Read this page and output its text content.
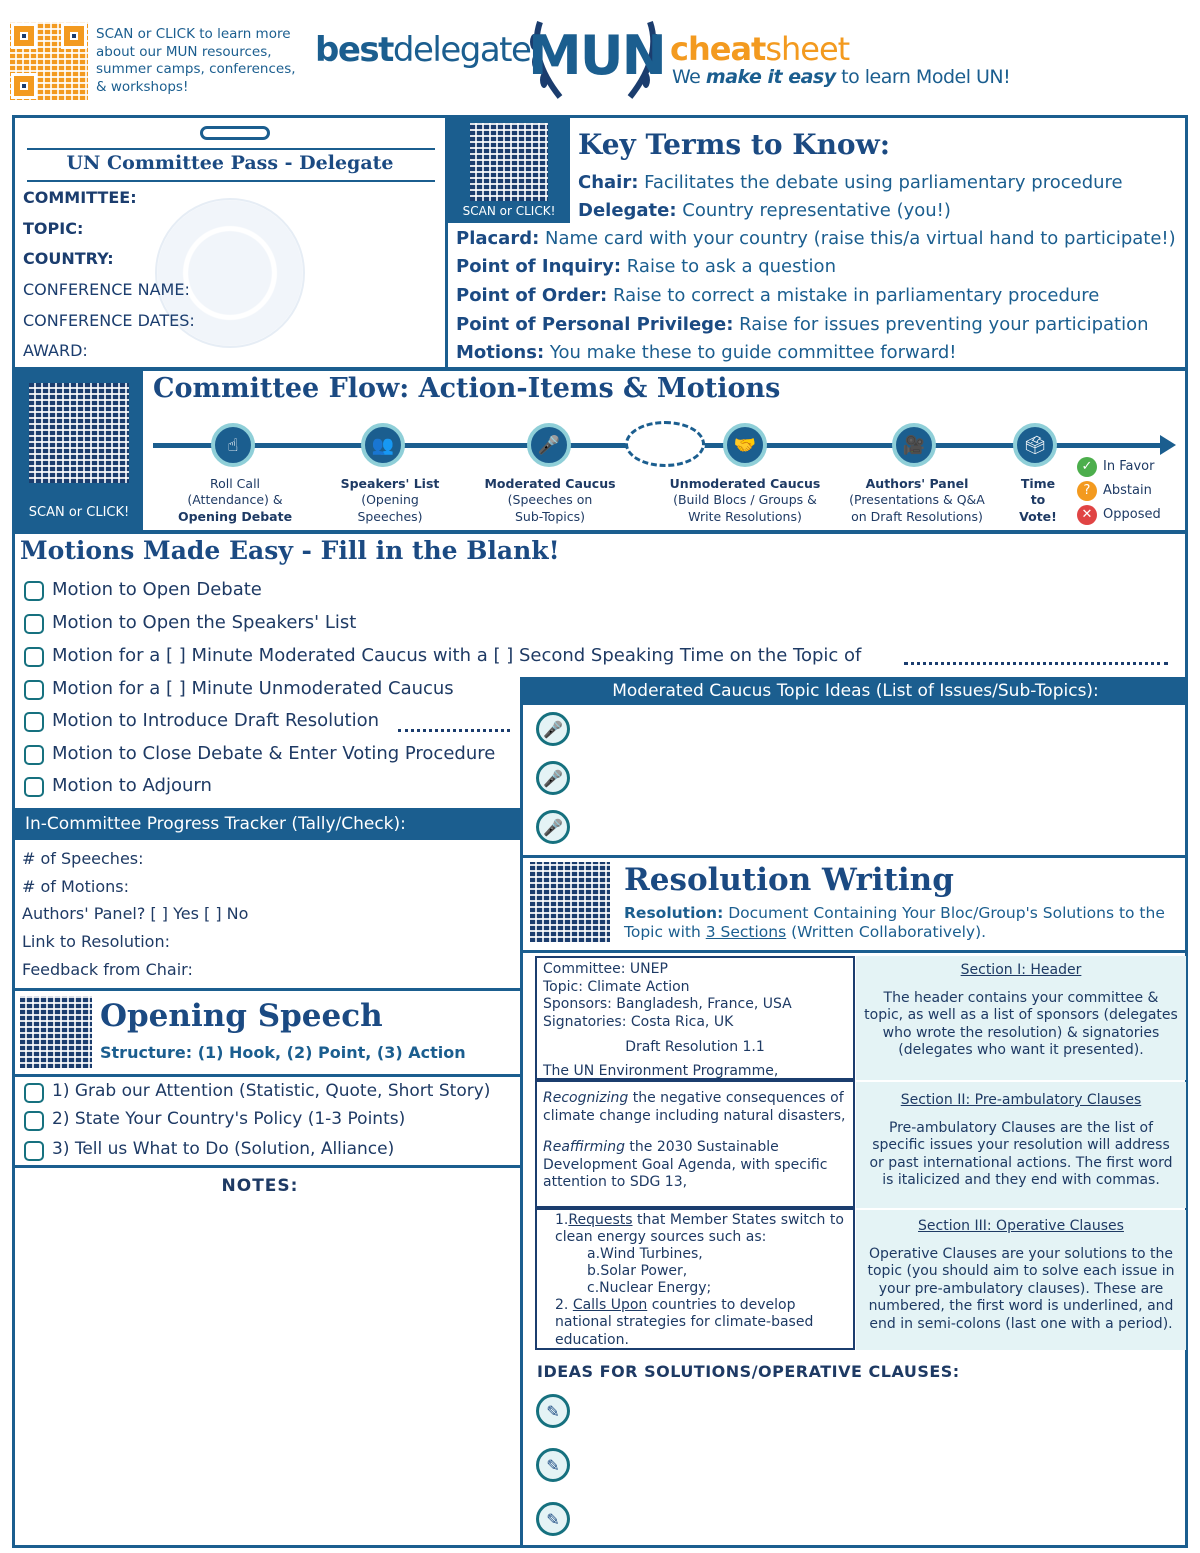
SCAN or CLICK to learn more about our MUN resources, summer camps, conferences, & workshops!
bestdelegate
MUN cheatsheet
We make it easy to learn Model UN!
UN Committee Pass - Delegate
COMMITTEE:
TOPIC:
COUNTRY:
CONFERENCE NAME:
CONFERENCE DATES:
AWARD:
SCAN or CLICK!
Key Terms to Know:
Chair: Facilitates the debate using parliamentary procedure
Delegate: Country representative (you!)
Placard: Name card with your country (raise this/a virtual hand to participate!)
Point of Inquiry: Raise to ask a question
Point of Order: Raise to correct a mistake in parliamentary procedure
Point of Personal Privilege: Raise for issues preventing your participation
Motions: You make these to guide committee forward!
SCAN or CLICK!
Committee Flow: Action-Items & Motions
☝	👥	🎤	🤝	🎥	🗳
Roll Call
(Attendance) &
Opening Debate
Speakers' List
(Opening
Speeches)
Moderated Caucus
(Speeches on
Sub-Topics)
Unmoderated Caucus
(Build Blocs / Groups &
Write Resolutions)
Authors' Panel
(Presentations & Q&A
on Draft Resolutions)
Time
to
Vote!
✓ In Favor
? Abstain
✕ Opposed
Motions Made Easy - Fill in the Blank!
Motion to Open Debate
Motion to Open the Speakers' List
Motion for a [ ] Minute Moderated Caucus with a [ ] Second Speaking Time on the Topic of
Motion for a [ ] Minute Unmoderated Caucus
Motion to Introduce Draft Resolution
Motion to Close Debate & Enter Voting Procedure
Motion to Adjourn
Moderated Caucus Topic Ideas (List of Issues/Sub-Topics):
🎤
🎤
🎤
In-Committee Progress Tracker (Tally/Check):
# of Speeches:
# of Motions:
Authors' Panel? [ ] Yes [ ] No
Link to Resolution:
Feedback from Chair:
Opening Speech
Structure: (1) Hook, (2) Point, (3) Action
1) Grab our Attention (Statistic, Quote, Short Story)
2) State Your Country's Policy (1-3 Points)
3) Tell us What to Do (Solution, Alliance)
NOTES:
Resolution Writing
Resolution: Document Containing Your Bloc/Group's Solutions to the Topic with 3 Sections (Written Collaboratively).
Committee: UNEP
Topic: Climate Action
Sponsors: Bangladesh, France, USA
Signatories: Costa Rica, UK
Draft Resolution 1.1
The UN Environment Programme,
Recognizing the negative consequences of climate change including natural disasters,
Reaffirming the 2030 Sustainable Development Goal Agenda, with specific attention to SDG 13,
1.Requests that Member States switch to clean energy sources such as:
a.Wind Turbines,
b.Solar Power,
c.Nuclear Energy;
2. Calls Upon countries to develop national strategies for climate-based education.
Section I: Header
The header contains your committee & topic, as well as a list of sponsors (delegates who wrote the resolution) & signatories (delegates who want it presented).
Section II: Pre-ambulatory Clauses
Pre-ambulatory Clauses are the list of specific issues your resolution will address or past international actions. The first word is italicized and they end with commas.
Section III: Operative Clauses
Operative Clauses are your solutions to the topic (you should aim to solve each issue in your pre-ambulatory clauses). These are numbered, the first word is underlined, and end in semi-colons (last one with a period).
IDEAS FOR SOLUTIONS/OPERATIVE CLAUSES:
✎
✎
✎
